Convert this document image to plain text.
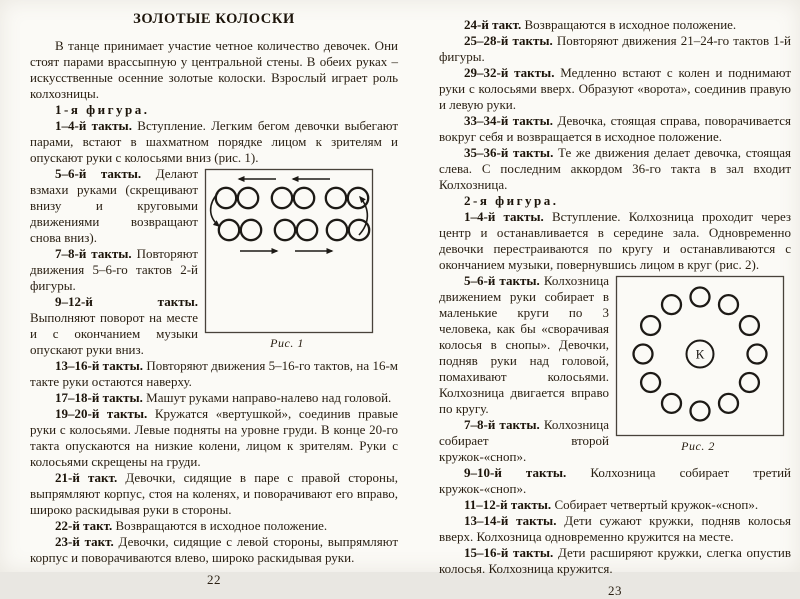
ЗОЛОТЫЕ КОЛОСКИ

В танце принимает участие четное количество девочек. Они стоят парами врассыпную у центральной стены. В обеих руках – искусственные осенние золотые колоски. Взрослый играет роль колхозницы.

1-я фигура.

1–4-й такты. Вступление. Легким бегом девочки выбегают парами, встают в шахматном порядке лицом к зрителям и опускают руки с колосьями вниз (рис. 1).

Рис. 1

5–6-й такты. Делают взмахи руками (скрещивают внизу и круговыми движениями возвращают снова вниз).

7–8-й такты. Повторяют движения 5–6-го тактов 2-й фигуры.

9–12-й такты. Выполняют поворот на месте и с окончанием музыки опускают руки вниз.

13–16-й такты. Повторяют движения 5–16-го тактов, на 16-м такте руки остаются наверху.

17–18-й такты. Машут руками направо-налево над головой.

19–20-й такты. Кружатся «вертушкой», соединив правые руки с колосьями. Левые подняты на уровне груди. В конце 20-го такта опускаются на низкие колени, лицом к зрителям. Руки с колосьями скрещены на груди.

21-й такт. Девочки, сидящие в паре с правой стороны, выпрямляют корпус, стоя на коленях, и поворачивают его вправо, широко раскидывая руки в стороны.

22-й такт. Возвращаются в исходное положение.

23-й такт. Девочки, сидящие с левой стороны, выпрямляют корпус и поворачиваются влево, широко раскидывая руки.

22

24-й такт. Возвращаются в исходное положение.

25–28-й такты. Повторяют движения 21–24-го тактов 1-й фигуры.

29–32-й такты. Медленно встают с колен и поднимают руки с колосьями вверх. Образуют «ворота», соединив правую и левую руки.

33–34-й такты. Девочка, стоящая справа, поворачивается вокруг себя и возвращается в исходное положение.

35–36-й такты. Те же движения делает девочка, стоящая слева. С последним аккордом 36-го такта в зал входит Колхозница.

2-я фигура.

1–4-й такты. Вступление. Колхозница проходит через центр и останавливается в середине зала. Одновременно девочки перестраиваются по кругу и останавливаются с окончанием музыки, повернувшись лицом в круг (рис. 2).

К
Рис. 2

5–6-й такты. Колхозница движением руки собирает в маленькие круги по 3 человека, как бы «сворачивая колосья в снопы». Девочки, подняв руки над головой, помахивают колосьями. Колхозница двигается вправо по кругу.

7–8-й такты. Колхозница собирает второй кружок-«сноп».

9–10-й такты. Колхозница собирает третий кружок-«сноп».

11–12-й такты. Собирает четвертый кружок-«сноп».

13–14-й такты. Дети сужают кружки, подняв колосья вверх. Колхозница одновременно кружится на месте.

15–16-й такты. Дети расширяют кружки, слегка опустив колосья. Колхозница кружится.

23
